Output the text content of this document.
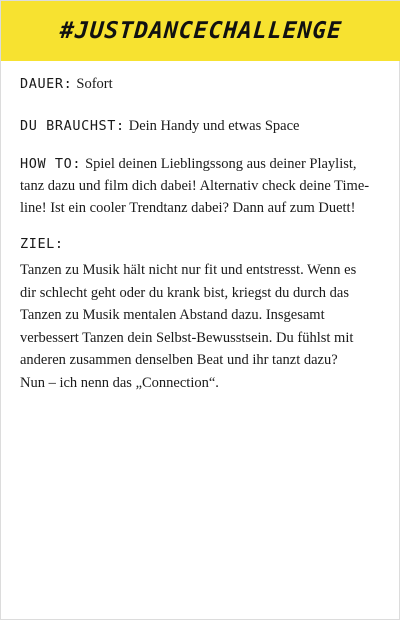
#JUSTDANCECHALLENGE
DAUER: Sofort
DU BRAUCHST: Dein Handy und etwas Space
HOW TO: Spiel deinen Lieblingssong aus deiner Playlist,
tanz dazu und film dich dabei! Alternativ check deine Time-
line! Ist ein cooler Trendtanz dabei? Dann auf zum Duett!
ZIEL:
Tanzen zu Musik hält nicht nur fit und entstresst. Wenn es
dir schlecht geht oder du krank bist, kriegst du durch das
Tanzen zu Musik mentalen Abstand dazu. Insgesamt
verbessert Tanzen dein Selbst-Bewusstsein. Du fühlst mit
anderen zusammen denselben Beat und ihr tanzt dazu?
Nun – ich nenn das „Connection“.
